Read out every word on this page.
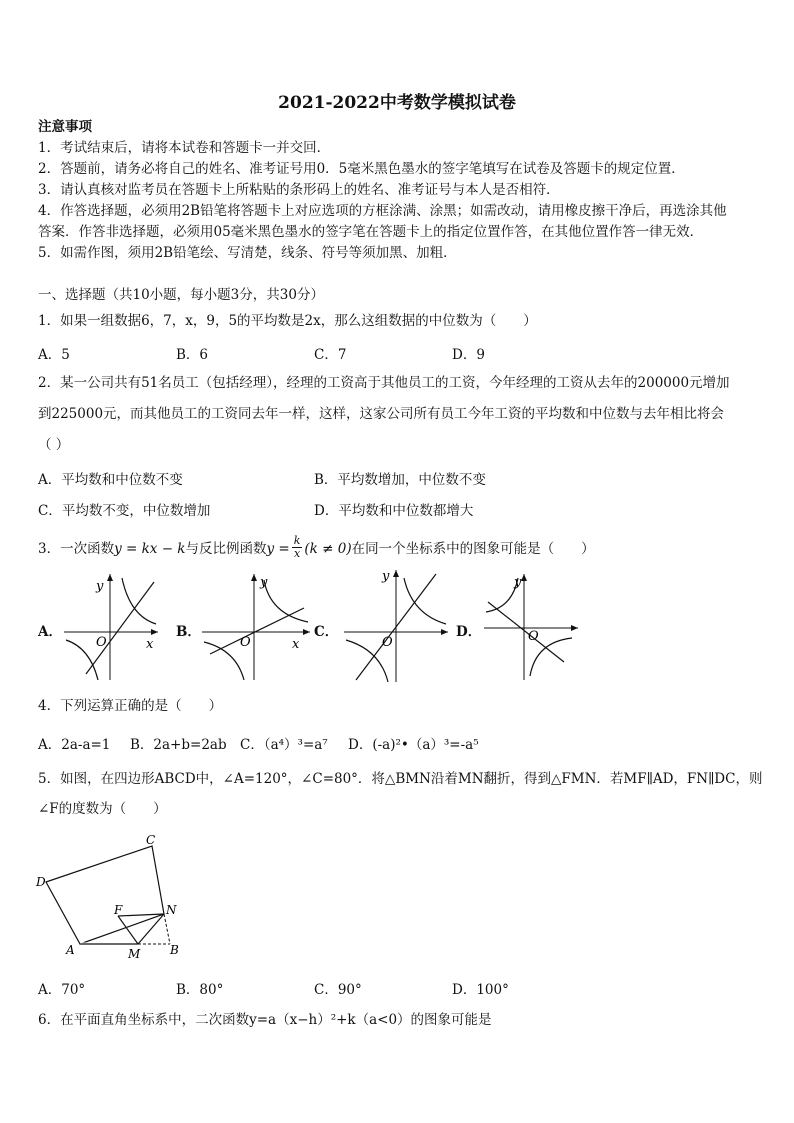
2021-2022中考数学模拟试卷
注意事项
1．考试结束后，请将本试卷和答题卡一并交回．
2．答题前，请务必将自己的姓名、准考证号用0．5毫米黑色墨水的签字笔填写在试卷及答题卡的规定位置．
3．请认真核对监考员在答题卡上所粘贴的条形码上的姓名、准考证号与本人是否相符．
4．作答选择题，必须用2B铅笔将答题卡上对应选项的方框涂满、涂黑；如需改动，请用橡皮擦干净后，再选涂其他
答案．作答非选择题，必须用05毫米黑色墨水的签字笔在答题卡上的指定位置作答，在其他位置作答一律无效．
5．如需作图，须用2B铅笔绘、写清楚，线条、符号等须加黑、加粗．
一、选择题（共10小题，每小题3分，共30分）
1．如果一组数据6，7，x，9，5的平均数是2x，那么这组数据的中位数为（　　）
A．5	B．6	C．7	D．9
2．某一公司共有51名员工（包括经理），经理的工资高于其他员工的工资，今年经理的工资从去年的200000元增加
到225000元，而其他员工的工资同去年一样，这样，这家公司所有员工今年工资的平均数和中位数与去年相比将会
（ ）
A．平均数和中位数不变	B．平均数增加，中位数不变
C．平均数不变，中位数增加	D．平均数和中位数都增大
3．一次函数 y = kx − k 与反比例函数 $y = \frac{k}{x} (k \ne 0)$ 在同一个坐标系中的图象可能是（　　）
A．
y
x
O
B．
y
x
O
C．
y
O
D．
y
O
4．下列运算正确的是（　　）
A．2a-a=1 B．2a+b=2ab C．（a⁴）³=a⁷ D．(-a)²•（a）³=-a⁵
5．如图，在四边形ABCD中，∠A=120°，∠C=80°．将△BMN沿着MN翻折，得到△FMN．若MF∥AD，FN∥DC，则
∠F的度数为（　　）
C
D
N
F
A	M B
A．70°	B．80°	C．90°	D．100°
6．在平面直角坐标系中，二次函数y=a（x−h）²+k（a<0）的图象可能是
